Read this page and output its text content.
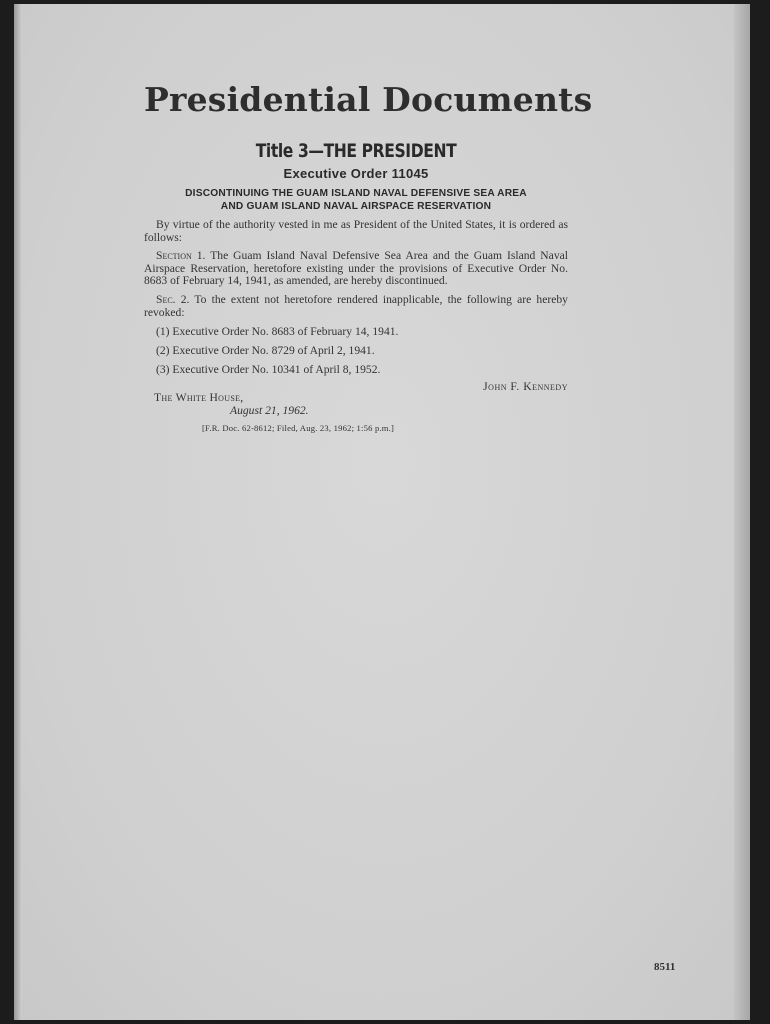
Presidential Documents
Title 3—THE PRESIDENT
Executive Order 11045
DISCONTINUING THE GUAM ISLAND NAVAL DEFENSIVE SEA AREA
AND GUAM ISLAND NAVAL AIRSPACE RESERVATION
By virtue of the authority vested in me as President of the United States, it is ordered as follows:
Section 1. The Guam Island Naval Defensive Sea Area and the Guam Island Naval Airspace Reservation, heretofore existing under the provisions of Executive Order No. 8683 of February 14, 1941, as amended, are hereby discontinued.
Sec. 2. To the extent not heretofore rendered inapplicable, the following are hereby revoked:
(1) Executive Order No. 8683 of February 14, 1941.
(2) Executive Order No. 8729 of April 2, 1941.
(3) Executive Order No. 10341 of April 8, 1952.
John F. Kennedy
The White House,
August 21, 1962.
[F.R. Doc. 62-8612; Filed, Aug. 23, 1962; 1:56 p.m.]
8511
